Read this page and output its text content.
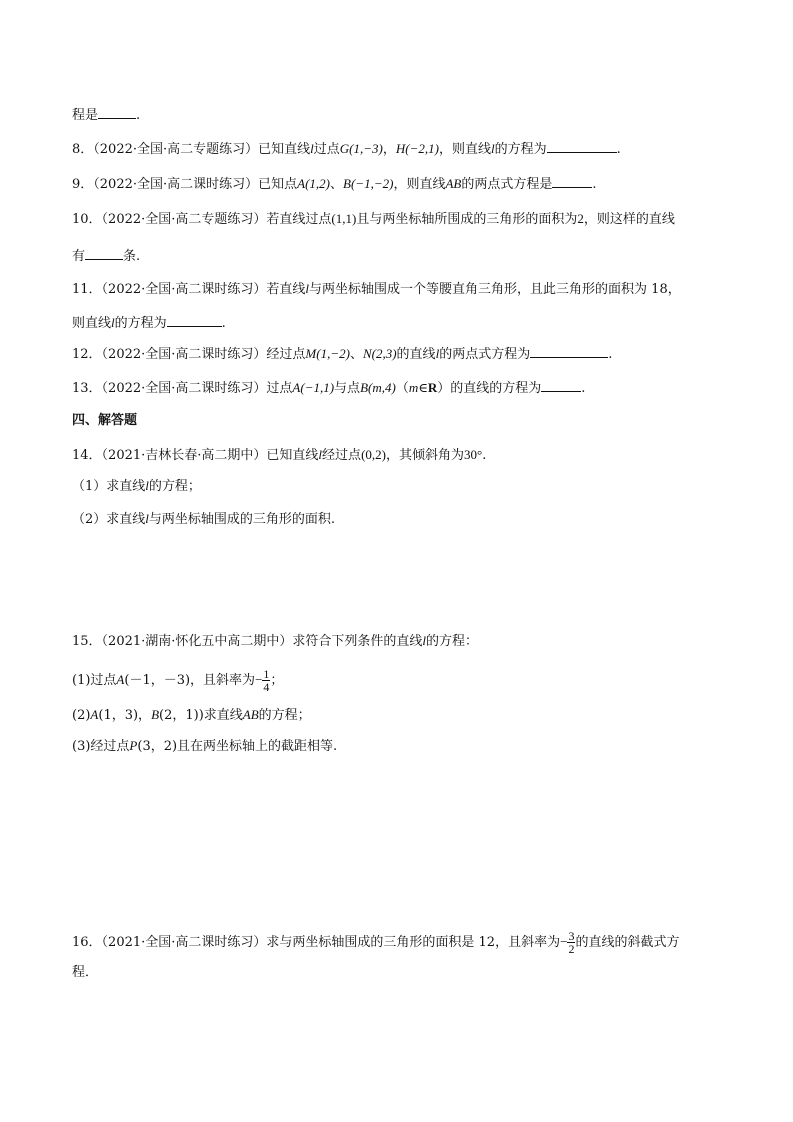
程是	.
8．（2022·全国·高二专题练习）已知直线l过点G(1,−3)，H(−2,1)，则直线l的方程为	.
9．（2022·全国·高二课时练习）已知点A(1,2)、B(−1,−2)，则直线AB的两点式方程是	.
10．（2022·全国·高二专题练习）若直线过点(1,1)且与两坐标轴所围成的三角形的面积为2，则这样的直线
有	条.
11．（2022·全国·高二课时练习）若直线l与两坐标轴围成一个等腰直角三角形，且此三角形的面积为 18，
则直线l的方程为	.
12．（2022·全国·高二课时练习）经过点M(1,−2)、N(2,3)的直线l的两点式方程为	.
13．（2022·全国·高二课时练习）过点A(−1,1)与点B(m,4)（m∈R）的直线的方程为	.
四、解答题
14．（2021·吉林长春·高二期中）已知直线l经过点(0,2)，其倾斜角为30°.
（1）求直线l的方程；
（2）求直线l与两坐标轴围成的三角形的面积.
15．（2021·湖南·怀化五中高二期中）求符合下列条件的直线l的方程：
(1)过点A(－1，－3)，且斜率为− $\frac{1}{4}$ ；
(2)A(1，3)，B(2，1))求直线AB的方程；
(3)经过点P(3，2)且在两坐标轴上的截距相等.
16．（2021·全国·高二课时练习）求与两坐标轴围成的三角形的面积是 12，且斜率为− $\frac{3}{2}$ 的直线的斜截式方
程．
